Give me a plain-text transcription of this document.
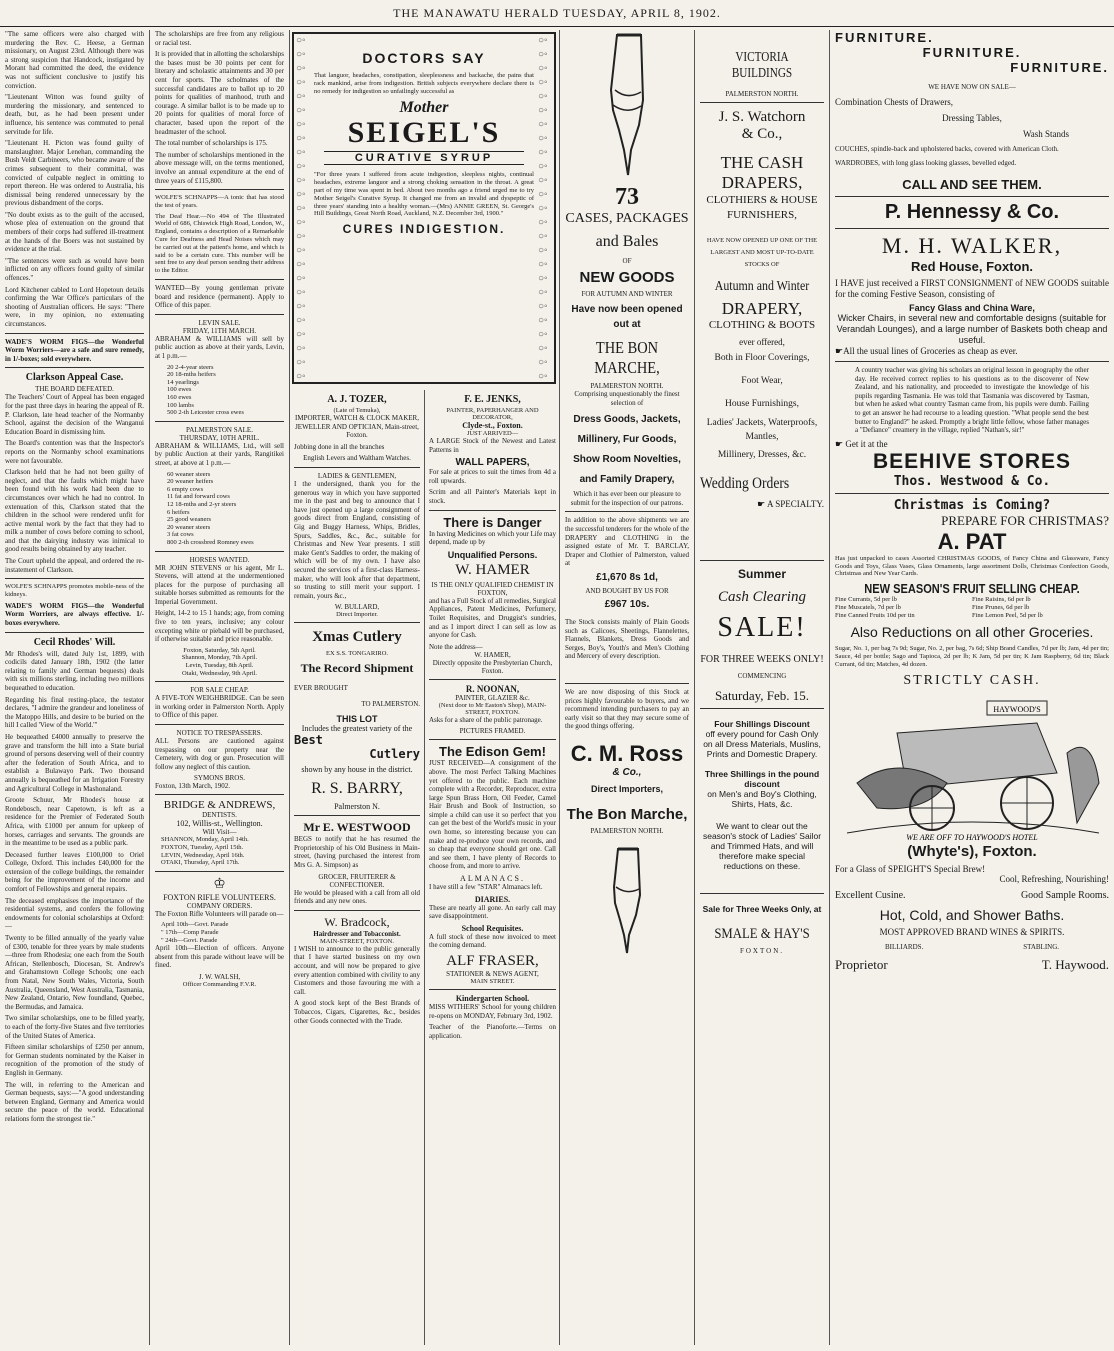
THE MANAWATU HERALD TUESDAY, APRIL 8, 1902.

"The same officers were also charged with murdering the Rev. C. Heese, a German missionary, on August 23rd. Although there was a strong suspicion that Handcock, instigated by Morant had committed the deed, the evidence was not sufficient conclusive to justify his conviction.

"Lieutenant Witton was found guilty of murdering the missionary, and sentenced to death, but, as he had been present under influence, his sentence was commuted to penal servitude for life.

"Lieutenant H. Picton was found guilty of manslaughter. Major Lenehan, commanding the Bush Veldt Carbineers, who became aware of the crimes subsequent to their committal, was convicted of culpable neglect in omitting to report thereon. He was ordered to Australia, his dismissal being rendered unnecessary by the previous disbandment of the corps.

"No doubt exists as to the guilt of the accused, whose plea of extenuation on the ground that members of their corps had suffered ill-treatment at the hands of the Boers was not sustained by evidence at the trial.

"The sentences were such as would have been inflicted on any officers found guilty of similar offences."

Lord Kitchener cabled to Lord Hopetoun details confirming the War Office's particulars of the shooting of Australian officers. He says: "There were, in my opinion, no extenuating circumstances.

WADE'S WORM FIGS—the Wonderful Worm Worriers—are a safe and sure remedy, in 1/-boxes; sold everywhere.

Clarkson Appeal Case.
THE BOARD DEFEATED.

The Teachers' Court of Appeal has been engaged for the past three days in hearing the appeal of R. P. Clarkson, late head teacher of the Normanby School, against the decision of the Wanganui Education Board in dismissing him.

The Board's contention was that the Inspector's reports on the Normanby school examinations were not favourable.

Clarkson held that he had not been guilty of neglect, and that the faults which might have been found with his work had been due to circumstances over which he had no control. In extenuation of this, Clarkson stated that the children in the school were rendered unfit for active mental work by the fact that they had to milk a number of cows before coming to school, and that the dairying industry was inimical to good results being obtained by any teacher.

The Court upheld the appeal, and ordered the re-instatement of Clarkson.

WOLFE'S SCHNAPPS promotes mobile-ness of the kidneys.

WADE'S WORM FIGS—the Wonderful Worm Worriers, are always effective. 1/- boxes everywhere.

Cecil Rhodes' Will.

Mr Rhodes's will, dated July 1st, 1899, with codicils dated January 18th, 1902 (the latter relating to family and German bequests) deals with six millions sterling, including two millions bequeathed to education.

Regarding his final resting-place, the testator declares, "I admire the grandeur and loneliness of the Matoppo Hills, and desire to be buried on the hill I called 'View of the World.'"

He bequeathed £4000 annually to preserve the grave and transform the hill into a State burial ground of persons deserving well of their country after the federation of South Africa, and to establish a Bulawayo Park. Two thousand annually is bequeathed for an Irrigation Forestry and Agricultural College in Mashonaland.

Groote Schuur, Mr Rhodes's house at Rondebosch, near Capetown, is left as a residence for the Premier of Federated South Africa, with £1000 per annum for upkeep of horses, carriages and servants. The grounds are in the meantime to be used as a public park.

Deceased further leaves £100,000 to Oriel College, Oxford. This includes £40,000 for the extension of the college buildings, the remainder being for the improvement of the income and comfort of Fellowships and general repairs.

The deceased emphasises the importance of the residential systems, and confers the following endowments for colonial scholarships at Oxford:—

Twenty to be filled annually of the yearly value of £300, tenable for three years by male students—three from Rhodesia; one each from the South African, Stellenbosch, Diocesan, St. Andrew's and Grahamstown College Schools; one each from Natal, New South Wales, Victoria, South Australia, Queensland, West Australia, Tasmania, New Zealand, Ontario, New foundland, Quebec, the Bermudas, and Jamaica.

Two similar scholarships, one to be filled yearly, to each of the forty-five States and five territories of the United States of America.

Fifteen similar scholarships of £250 per annum, for German students nominated by the Kaiser in recognition of the promotion of the study of English in Germany.

The will, in referring to the American and German bequests, says:—"A good understanding between England, Germany and America would secure the peace of the world. Educational relations form the strongest tie."

The scholarships are free from any religious or racial test.

It is provided that in allotting the scholarships the bases must be 30 points per cent for literary and scholastic attainments and 30 per cent for sports. The scholmates of the successful candidates are to ballot up to 20 points for qualities of manhood, truth and courage. A similar ballot is to be made up to 20 points for qualities of moral force of character, based upon the report of the headmaster of the school.

The total number of scholarships is 175.

The number of scholarships mentioned in the above message will, on the terms mentioned, involve an annual expenditure at the end of three years of £115,800.

WOLFE'S SCHNAPPS—A tonic that has stood the test of years.

The Deaf Hear.—No 494 of The Illustrated World of 686, Chiswick High Road, London, W., England, contains a description of a Remarkable Cure for Deafness and Head Noises which may be carried out at the patient's home, and which is said to be a certain cure. This number will be sent free to any deaf person sending their address to the Editor.

WANTED—By young gentleman private board and residence (permanent). Apply to Office of this paper.

LEVIN SALE.
FRIDAY, 11TH MARCH.

ABRAHAM & WILLIAMS will sell by public auction as above at their yards, Levin, at 1 p.m.—

20 2-4-year steers
20 18-mths heifers
14 yearlings
100 ewes
160 ewes
100 lambs
500 2-th Leicester cross ewes
PALMERSTON SALE.
THURSDAY, 10TH APRIL.

ABRAHAM & WILLIAMS, Ltd., will sell by public Auction at their yards, Rangitikei street, at above at 1 p.m.—

60 weaner steers
20 weaner heifers
6 empty cows
11 fat and forward cows
12 18-mths and 2-yr steers
6 heifers
25 good weaners
20 weaner steers
3 fat cows
800 2-th crossbred Romney ewes
HORSES WANTED.

MR JOHN STEVENS or his agent, Mr L. Stevens, will attend at the undermentioned places for the purpose of purchasing all suitable horses submitted as remounts for the Imperial Government.

Height, 14-2 to 15 1 hands; age, from coming five to ten years, inclusive; any colour excepting white or piebald will be purchased, if otherwise suitable and price reasonable.

Foxton, Saturday, 5th April.
Shannon, Monday, 7th April.
Levin, Tuesday, 8th April.
Otaki, Wednesday, 9th April.
FOR SALE CHEAP.

A FIVE-TON WEIGHBRIDGE. Can be seen in working order in Palmerston North. Apply to Office of this paper.

NOTICE TO TRESPASSERS.

ALL Persons are cautioned against trespassing on our property near the Cemetery, with dog or gun. Prosecution will follow any neglect of this caution.

SYMONS BROS.
Foxton, 13th March, 1902.
BRIDGE & ANDREWS,
DENTISTS.
102, Willis-st., Wellington.
Will Visit—
SHANNON, Monday, April 14th.
FOXTON, Tuesday, April 15th.
LEVIN, Wednesday, April 16th.
OTAKI, Thursday, April 17th.
♔
FOXTON RIFLE VOLUNTEERS.
COMPANY ORDERS.

The Foxton Rifle Volunteers will parade on—

April 10th—Govt. Parade
" 17th—Comp Parade
" 24th—Govt. Parade

April 10th—Election of officers. Anyone absent from this parade without leave will be fined.

J. W. WALSH,
Officer Commanding F.V.R.
○◦○◦○◦○◦○◦○◦○◦○◦○◦○◦○◦○◦○◦○◦○◦○◦○◦○◦○◦○◦○◦○◦○◦○◦○◦
○◦○◦○◦○◦○◦○◦○◦○◦○◦○◦○◦○◦○◦○◦○◦○◦○◦○◦○◦○◦○◦○◦○◦○◦○◦
DOCTORS SAY

That languor, headaches, constipation, sleeplessness and backache, the pains that rack mankind, arise from indigestion. British subjects everywhere declare there is no remedy for indigestion so unfailingly successful as

Mother
SEIGEL'S
CURATIVE SYRUP

"For three years I suffered from acute indigestion, sleepless nights, continual headaches, extreme languor and a strong choking sensation in the throat. A great part of my time was spent in bed. About two months ago a friend urged me to try Mother Seigel's Curative Syrup. It changed me from an invalid and dyspeptic of three years' standing into a healthy woman.—(Mrs) ANNIE GREEN, St. George's Hill Buildings, Great North Road, Auckland, N.Z. December 3rd, 1900."

CURES INDIGESTION.
A. J. TOZER,
(Late of Temuka),

IMPORTER, WATCH & CLOCK MAKER, JEWELLER AND OPTICIAN, Main-street, Foxton.

Jobbing done in all the branches

English Levers and Waltham Watches.

LADIES & GENTLEMEN,

I the undersigned, thank you for the generous way in which you have supported me in the past and beg to announce that I have just opened up a large consignment of goods direct from England, consisting of Gig and Buggy Harness, Whips, Bridles, Spurs, Saddles, &c., &c., suitable for Christmas and New Year presents. I still make Gent's Saddles to order, the making of which will be of my own. I have also secured the services of a first-class Harness-maker, who will look after that department, so trusting to still merit your support. I remain, yours &c.,

W. BULLARD,
Direct Importer.
Xmas Cutlery
EX S.S. TONGARIRO.
The Record Shipment
EVER BROUGHT
TO PALMERSTON.
THIS LOT
Includes the greatest variety of the
Best
Cutlery
shown by any house in the district.
R. S. BARRY,
Palmerston N.
Mr E. WESTWOOD

BEGS to notify that he has resumed the Proprietorship of his Old Business in Main-street, (having purchased the interest from Mrs G. A. Simpson) as

GROCER, FRUITERER & CONFECTIONER.

He would be pleased with a call from all old friends and any new ones.

W. Bradcock,
Hairdresser and Tobacconist.
MAIN-STREET, FOXTON.

I WISH to announce to the public generally that I have started business on my own account, and will now be prepared to give every attention combined with civility to any Customers and those favouring me with a call.

A good stock kept of the Best Brands of Tobaccos, Cigars, Cigarettes, &c., besides other Goods connected with the Trade.

F. E. JENKS,
PAINTER, PAPERHANGER AND DECORATOR,
Clyde-st., Foxton.
JUST ARRIVED—

A LARGE Stock of the Newest and Latest Patterns in

WALL PAPERS,

For sale at prices to suit the times from 4d a roll upwards.

Scrim and all Painter's Materials kept in stock.

There is Danger

In having Medicines on which your Life may depend, made up by

Unqualified Persons.
W. HAMER
IS THE ONLY QUALIFIED CHEMIST IN FOXTON,

and has a Full Stock of all remedies, Surgical Appliances, Patent Medicines, Perfumery, Toilet Requisites, and Druggist's sundries, and as I import direct I can sell as low as anyone for Cash.

Note the address—
W. HAMER,
Directly opposite the Presbyterian Church, Foxton.
R. NOONAN,
PAINTER, GLAZIER &c.
(Next door to Mr Easton's Shop), MAIN-STREET, FOXTON.

Asks for a share of the public patronage.

PICTURES FRAMED.
The Edison Gem!

JUST RECEIVED—A consignment of the above. The most Perfect Talking Machines yet offered to the public. Each machine complete with a Recorder, Reproducer, extra large Spun Brass Horn, Oil Feeder, Camel Hair Brush and Book of Instruction, so simple a child can use it so perfect that you can get the best of the World's music in your own home, so interesting because you can make and re-produce your own records, and so cheap that everyone should get one. Call and see them, I have plenty of Records to choose from, and more to arrive.

ALMANACS.

I have still a few "STAR" Almanacs left.

DIARIES.

These are nearly all gone. An early call may save disappointment.

School Requisites.

A full stock of these now invoiced to meet the coming demand.

ALF FRASER,
STATIONER & NEWS AGENT,
MAIN STREET.
Kindergarten School.

MISS WITHERS' School for young children re-opens on MONDAY, February 3rd, 1902.

Teacher of the Pianoforte.—Terms on application.

73
CASES, PACKAGES
and Bales
OF
NEW GOODS
FOR AUTUMN AND WINTER
Have now been opened
out at
THE BON MARCHE,
PALMERSTON NORTH.

Comprising unquestionably the finest selection of

Dress Goods, Jackets, Millinery, Fur Goods, Show Room Novelties, and Family Drapery,

Which it has ever been our pleasure to submit for the inspection of our patrons.

In addition to the above shipments we are the successful tenderers for the whole of the DRAPERY and CLOTHING in the assigned estate of Mr. T. BARCLAY, Draper and Clothier of Palmerston, valued at

£1,670 8s 1d,
AND BOUGHT BY US FOR
£967 10s.

The Stock consists mainly of Plain Goods such as Calicoes, Sheetings, Flannelettes, Flannels, Blankets, Dress Goods and Serges, Boy's, Youth's and Men's Clothing and Mercery of every description.

We are now disposing of this Stock at prices highly favourable to buyers, and we recommend intending purchasers to pay an early visit so that they may secure some of the good things offering.

C. M. Ross
& Co.,
Direct Importers,
The Bon Marche,
PALMERSTON NORTH.
VICTORIA BUILDINGS
PALMERSTON NORTH.
J. S. Watchorn
& Co.,
THE CASH
DRAPERS,
CLOTHIERS & HOUSE FURNISHERS,
HAVE NOW OPENED UP ONE OF THE LARGEST AND MOST UP-TO-DATE STOCKS OF
Autumn and Winter
DRAPERY,
CLOTHING & BOOTS
ever offered,
Both in Floor Coverings,
Foot Wear,
House Furnishings,
Ladies' Jackets, Waterproofs, Mantles,
Millinery, Dresses, &c.
Wedding Orders
☛ A SPECIALTY.
Summer
Cash Clearing
SALE!
FOR THREE WEEKS ONLY!
COMMENCING
Saturday, Feb. 15.
Four Shillings Discount
off every pound for Cash Only on all Dress Materials, Muslins, Prints and Domestic Drapery.
Three Shillings in the pound discount
on Men's and Boy's Clothing, Shirts, Hats, &c.
We want to clear out the season's stock of Ladies' Sailor and Trimmed Hats, and will therefore make special reductions on these.
Sale for Three Weeks Only, at
SMALE & HAY'S
FOXTON.
FURNITURE.
FURNITURE.
FURNITURE.
WE HAVE NOW ON SALE—
Combination Chests of Drawers,
Dressing Tables,
Wash Stands
COUCHES, spindle-back and upholstered backs, covered with American Cloth.
WARDROBES, with long glass looking glasses, bevelled edged.
CALL AND SEE THEM.
P. Hennessy & Co.
M. H. WALKER,
Red House, Foxton.

I HAVE just received a FIRST CONSIGNMENT of NEW GOODS suitable for the coming Festive Season, consisting of

Fancy Glass and China Ware,
Wicker Chairs, in several new and comfortable designs (suitable for Verandah Lounges), and a large number of Baskets both cheap and useful.
☛All the usual lines of Groceries as cheap as ever.

A country teacher was giving his scholars an original lesson in geography the other day. He received correct replies to his questions as to the discoverer of New Zealand, and his nationality, and proceeded to investigate the knowledge of his pupils regarding Tasmania. He was told that Tasmania was discovered by Tasman, but when he asked what country Tasman came from, his pupils were dumb. Failing to get an answer he had recourse to a leading question. "What people send the best butter to England?" he asked. Promptly a bright little fellow, whose father manages a "Defiance" creamery in the village, replied "Nathan's, sir!"

☛ Get it at the
BEEHIVE STORES
Thos. Westwood & Co.
Christmas is Coming?
PREPARE FOR CHRISTMAS?
A. PAT

Has just unpacked to cases Assorted CHRISTMAS GOODS, of Fancy China and Glassware, Fancy Goods and Toys, Glass Vases, Glass Ornaments, large assortment Dolls, Christmas Confection Goods, Christmas and New Year Cards.

NEW SEASON'S FRUIT SELLING CHEAP.
Fine Currants, 5d per lb	Fine Raisins, 6d per lb
Fine Muscatels, 7d per lb	Fine Prunes, 6d per lb
Fine Canned Fruits 10d per tin	Fine Lemon Peel, 5d per lb
Also Reductions on all other Groceries.

Sugar, No. 1, per bag 7s 9d; Sugar, No. 2, per bag, 7s 6d; Ship Brand Candles, 7d per lb; Jam, 4d per tin; Sauce, 4d per bottle; Sago and Tapioca, 2d per lb; K Jam, 5d per tin; K Jam Raspberry, 6d tin; Black Currant, 6d tin; Matches, 4d dozen.

STRICTLY CASH.
HAYWOOD'S
WE ARE OFF TO HAYWOOD'S HOTEL
(Whyte's), Foxton.
For a Glass of SPEIGHT'S Special Brew!
Cool, Refreshing, Nourishing!
Excellent Cusine.	Good Sample Rooms.
Hot, Cold, and Shower Baths.
MOST APPROVED BRAND WINES & SPIRITS.
BILLIARDS.	STABLING.
Proprietor	T. Haywood.
